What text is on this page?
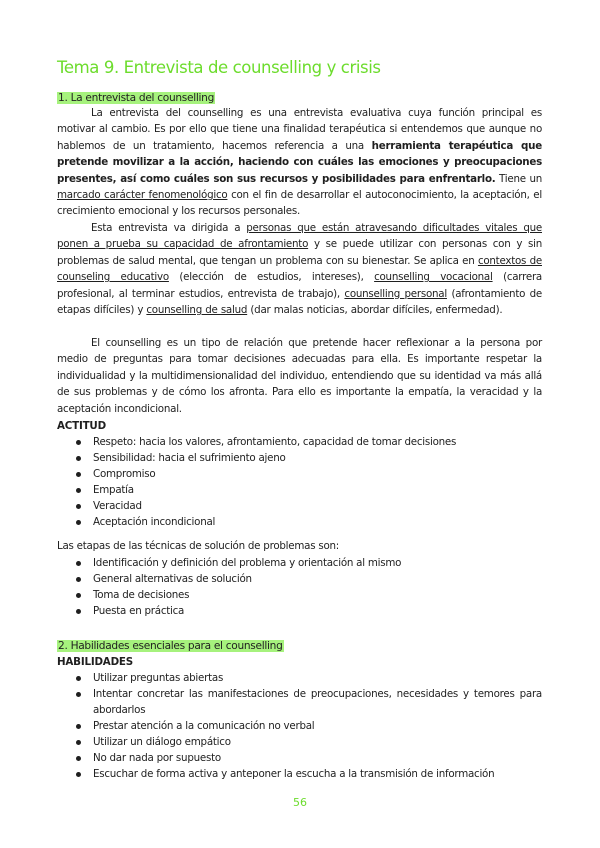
Tema 9. Entrevista de counselling y crisis
1. La entrevista del counselling

La entrevista del counselling es una entrevista evaluativa cuya función principal es motivar al cambio. Es por ello que tiene una finalidad terapéutica si entendemos que aunque no hablemos de un tratamiento, hacemos referencia a una herramienta terapéutica que pretende movilizar a la acción, haciendo con cuáles las emociones y preocupaciones presentes, así como cuáles son sus recursos y posibilidades para enfrentarlo. Tiene un marcado carácter fenomenológico con el fin de desarrollar el autoconocimiento, la aceptación, el crecimiento emocional y los recursos personales.

Esta entrevista va dirigida a personas que están atravesando dificultades vitales que ponen a prueba su capacidad de afrontamiento y se puede utilizar con personas con y sin problemas de salud mental, que tengan un problema con su bienestar. Se aplica en contextos de counseling educativo (elección de estudios, intereses), counselling vocacional (carrera profesional, al terminar estudios, entrevista de trabajo), counselling personal (afrontamiento de etapas difíciles) y counselling de salud (dar malas noticias, abordar difíciles, enfermedad).

El counselling es un tipo de relación que pretende hacer reflexionar a la persona por medio de preguntas para tomar decisiones adecuadas para ella. Es importante respetar la individualidad y la multidimensionalidad del individuo, entendiendo que su identidad va más allá de sus problemas y de cómo los afronta. Para ello es importante la empatía, la veracidad y la aceptación incondicional.

ACTITUD

Respeto: hacia los valores, afrontamiento, capacidad de tomar decisiones
Sensibilidad: hacia el sufrimiento ajeno
Compromiso
Empatía
Veracidad
Aceptación incondicional

Las etapas de las técnicas de solución de problemas son:

Identificación y definición del problema y orientación al mismo
General alternativas de solución
Toma de decisiones
Puesta en práctica
2. Habilidades esenciales para el counselling

HABILIDADES

Utilizar preguntas abiertas
Intentar concretar las manifestaciones de preocupaciones, necesidades y temores para abordarlos
Prestar atención a la comunicación no verbal
Utilizar un diálogo empático
No dar nada por supuesto
Escuchar de forma activa y anteponer la escucha a la transmisión de información
56
